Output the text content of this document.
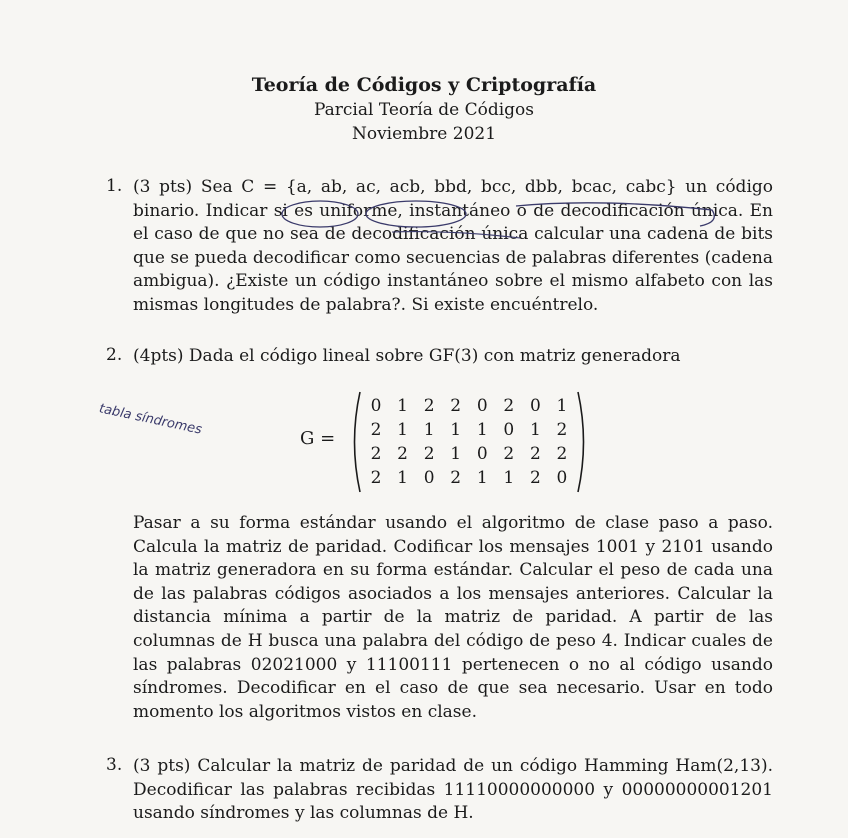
Teoría de Códigos y Criptografía
Parcial Teoría de Códigos
Noviembre 2021
1. (3 pts) Sea C = {a, ab, ac, acb, bbd, bcc, dbb, bcac, cabc} un código binario. Indicar si es uniforme, instantáneo o de decodificación única. En el caso de que no sea de decodificación única calcular una cadena de bits que se pueda decodificar como secuencias de palabras diferentes (cadena ambigua). ¿Existe un código instantáneo sobre el mismo alfabeto con las mismas longitudes de palabra?. Si existe encuéntrelo.
2. (4pts) Dada el código lineal sobre GF(3) con matriz generadora
tabla síndromes
G =
0 1 2 2 0 2 0 1
2 1 1 1 1 0 1 2
2 2 2 1 0 2 2 2
2 1 0 2 1 1 2 0
Pasar a su forma estándar usando el algoritmo de clase paso a paso. Calcula la matriz de paridad. Codificar los mensajes 1001 y 2101 usando la matriz generadora en su forma estándar. Calcular el peso de cada una de las palabras códigos asociados a los mensajes anteriores. Calcular la distancia mínima a partir de la matriz de paridad. A partir de las columnas de H busca una palabra del código de peso 4. Indicar cuales de las palabras 02021000 y 11100111 pertenecen o no al código usando síndromes. Decodificar en el caso de que sea necesario. Usar en todo momento los algoritmos vistos en clase.
3. (3 pts) Calcular la matriz de paridad de un código Hamming Ham(2,13). Decodificar las palabras recibidas 11110000000000 y 00000000001201 usando síndromes y las columnas de H.
